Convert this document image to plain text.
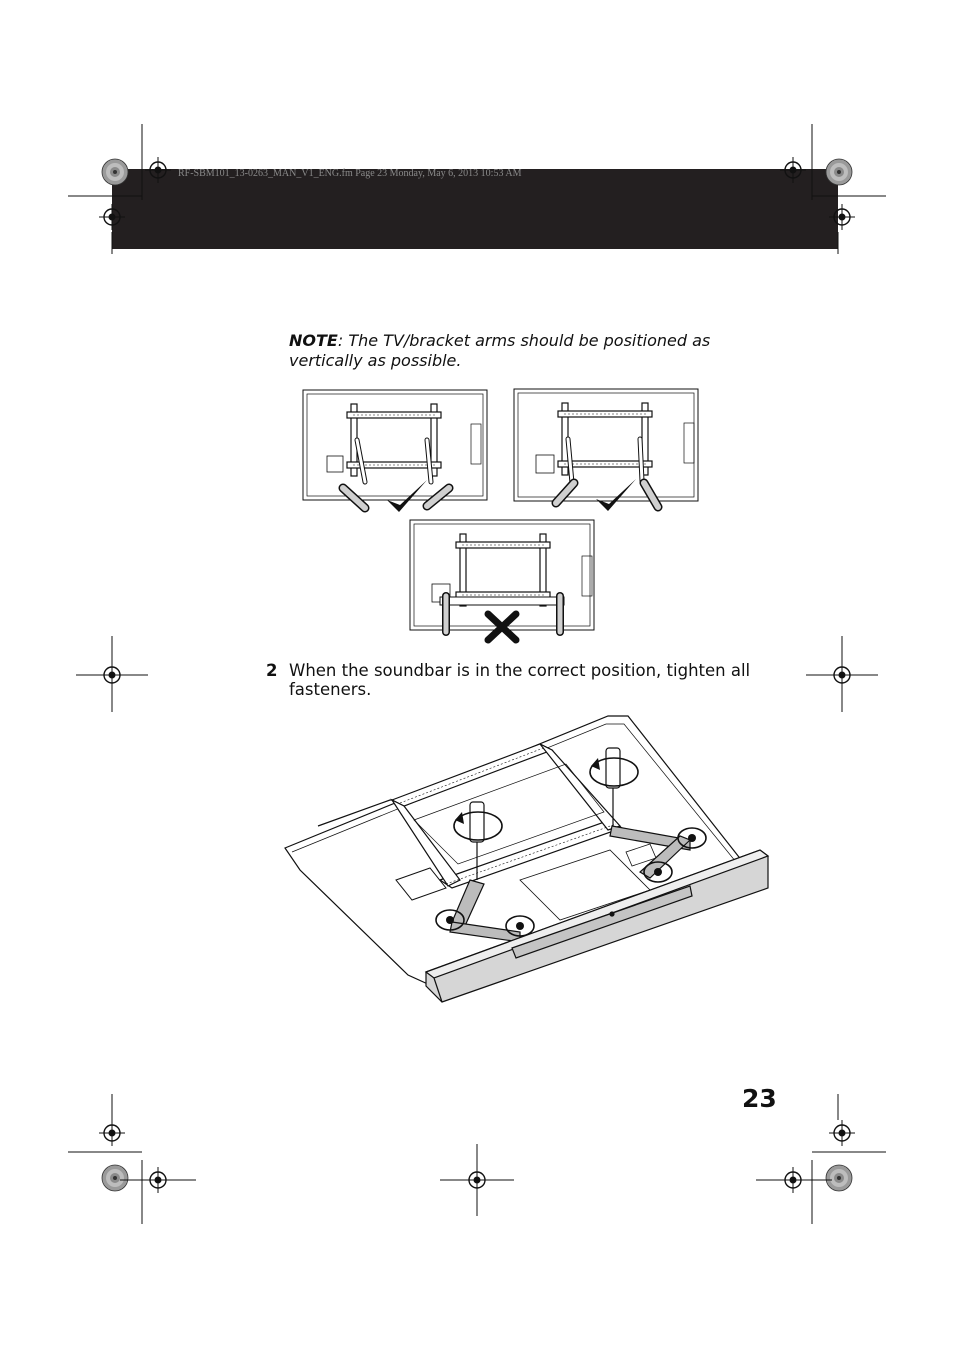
RF-SBM101_13-0263_MAN_V1_ENG.fm Page 23 Monday, May 6, 2013 10:53 AM
NOTE: The TV/bracket arms should be positioned as vertically as possible.
2 When the soundbar is in the correct position, tighten all fasteners.
23
